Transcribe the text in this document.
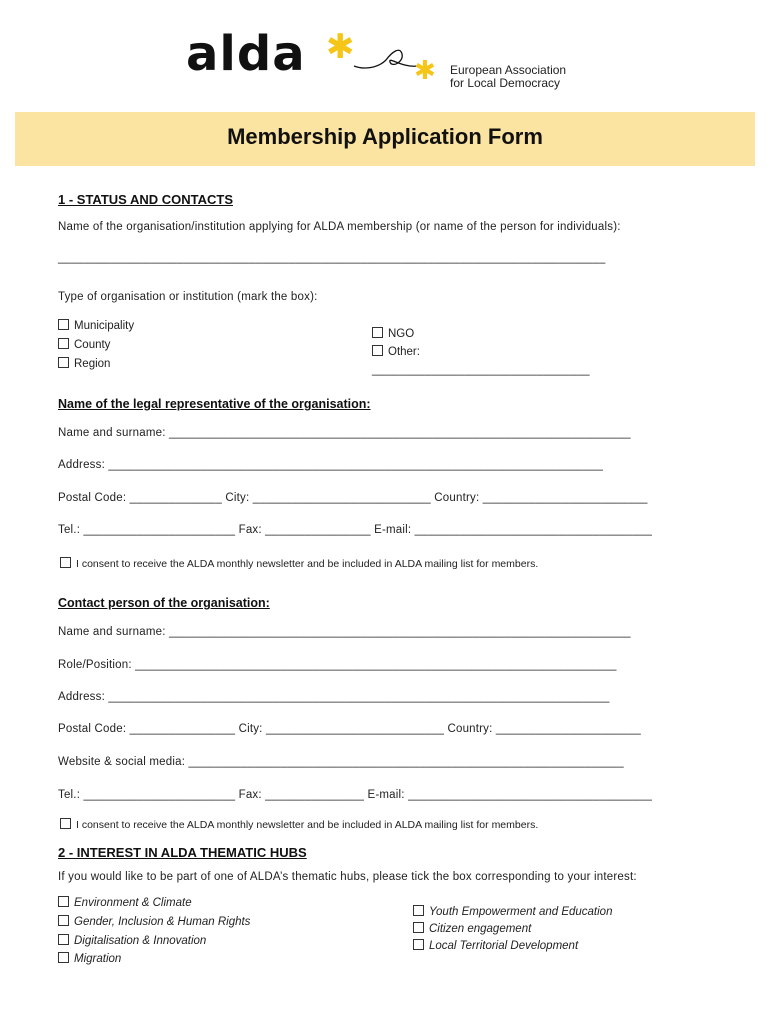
alda ✱
✱ European Association
for Local Democracy
Membership Application Form
1 - STATUS AND CONTACTS
Name of the organisation/institution applying for ALDA membership (or name of the person for individuals):
___________________________________________________________________________________
Type of organisation or institution (mark the box):
Municipality
County
Region
NGO
Other:
_________________________________
Name of the legal representative of the organisation:
Name and surname: ______________________________________________________________________
Address: ___________________________________________________________________________
Postal Code: ______________ City: ___________________________ Country: _________________________
Tel.: _______________________ Fax: ________________ E-mail: ____________________________________
I consent to receive the ALDA monthly newsletter and be included in ALDA mailing list for members.
Contact person of the organisation:
Name and surname: ______________________________________________________________________
Role/Position: _________________________________________________________________________
Address: ____________________________________________________________________________
Postal Code: ________________ City: ___________________________ Country: ______________________
Website & social media: __________________________________________________________________
Tel.: _______________________ Fax: _______________ E-mail: _____________________________________
I consent to receive the ALDA monthly newsletter and be included in ALDA mailing list for members.
2 - INTEREST IN ALDA THEMATIC HUBS
If you would like to be part of one of ALDA’s thematic hubs, please tick the box corresponding to your interest:
Environment & Climate
Gender, Inclusion & Human Rights
Digitalisation & Innovation
Migration
Youth Empowerment and Education
Citizen engagement
Local Territorial Development
